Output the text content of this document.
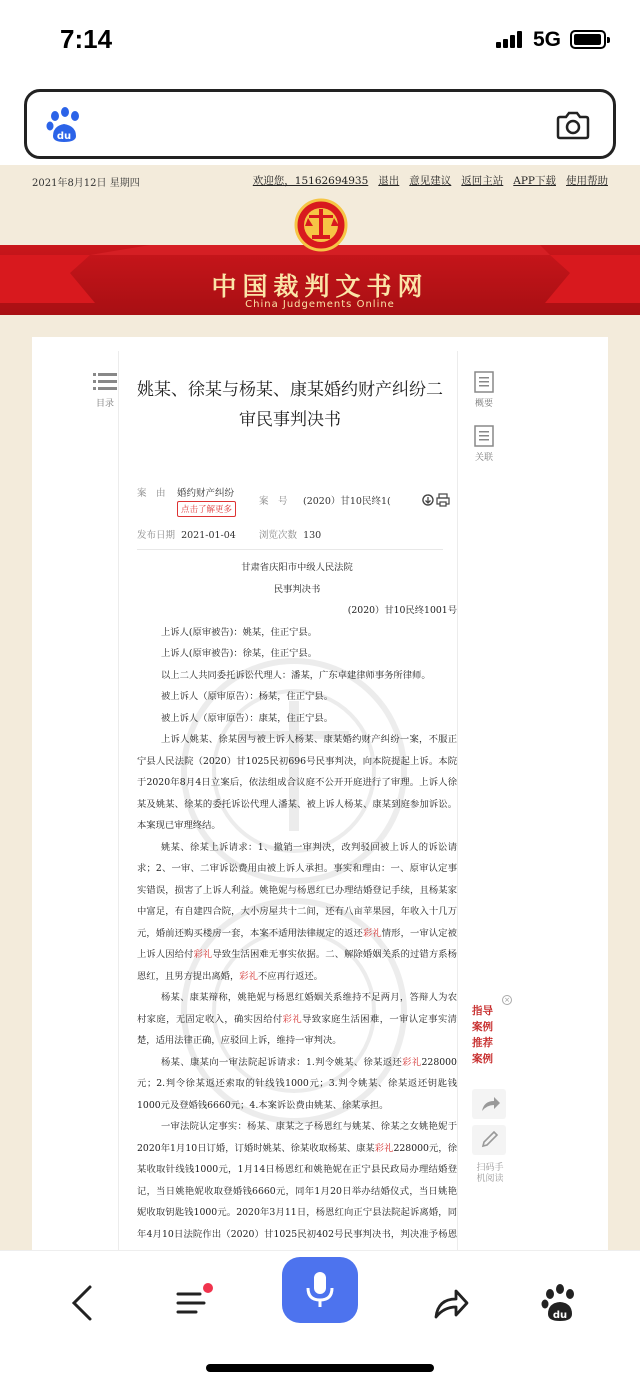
7:14	5G
du
2021年8月12日 星期四	欢迎您，15162694935 退出 意见建议 返回主站 APP下载 使用帮助
中国裁判文书网
China Judgements Online
目录	概要
关联
姚某、徐某与杨某、康某婚约财产纠纷二审民事判决书
案　由 婚约财产纠纷
点击了解更多
案　号 (2020）甘10民终1(
发布日期 2021-01-04 浏览次数 130

甘肃省庆阳市中级人民法院

民事判决书

(2020）甘10民终1001号

上诉人(原审被告)：姚某，住正宁县。

上诉人(原审被告)：徐某，住正宁县。

以上二人共同委托诉讼代理人：潘某，广东卓建律师事务所律师。

被上诉人（原审原告）：杨某，住正宁县。

被上诉人（原审原告）：康某，住正宁县。

上诉人姚某、徐某因与被上诉人杨某、康某婚约财产纠纷一案，不服正宁县人民法院（2020）甘1025民初696号民事判决，向本院提起上诉。本院于2020年8月4日立案后，依法组成合议庭不公开开庭进行了审理。上诉人徐某及姚某、徐某的委托诉讼代理人潘某、被上诉人杨某、康某到庭参加诉讼。本案现已审理终结。

姚某、徐某上诉请求：1、撤销一审判决，改判驳回被上诉人的诉讼请求；2、一审、二审诉讼费用由被上诉人承担。事实和理由：一、原审认定事实错误，损害了上诉人利益。姚艳妮与杨恩红已办理结婚登记手续，且杨某家中富足，有自建四合院，大小房屋共十二间，还有八亩苹果园，年收入十几万元，婚前还购买楼房一套，本案不适用法律规定的返还彩礼情形，一审认定被上诉人因给付彩礼导致生活困难无事实依据。二、解除婚姻关系的过错方系杨恩红，且男方提出离婚，彩礼不应再行返还。

杨某、康某辩称，姚艳妮与杨恩红婚姻关系维持不足两月，答辩人为农村家庭，无固定收入，确实因给付彩礼导致家庭生活困难，一审认定事实清楚，适用法律正确，应驳回上诉，维持一审判决。

杨某、康某向一审法院起诉请求：1.判令姚某、徐某返还彩礼228000元；2.判令徐某返还索取的针线钱1000元；3.判令姚某、徐某返还钥匙钱1000元及登婚钱6660元；4.本案诉讼费由姚某、徐某承担。

一审法院认定事实：杨某、康某之子杨恩红与姚某、徐某之女姚艳妮于2020年1月10日订婚，订婚时姚某、徐某收取杨某、康某彩礼228000元，徐某收取针线钱1000元，1月14日杨恩红和姚艳妮在正宁县民政局办理结婚登记，当日姚艳妮收取登婚钱6660元，同年1月20日举办结婚仪式，当日姚艳妮收取钥匙钱1000元。2020年3月11日，杨恩红向正宁县法院起诉离婚，同年4月10日法院作出（2020）甘1025民初402号民事判决书，判决准予杨恩

×
指导
案例
推荐
案例
扫码手
机阅读
du
